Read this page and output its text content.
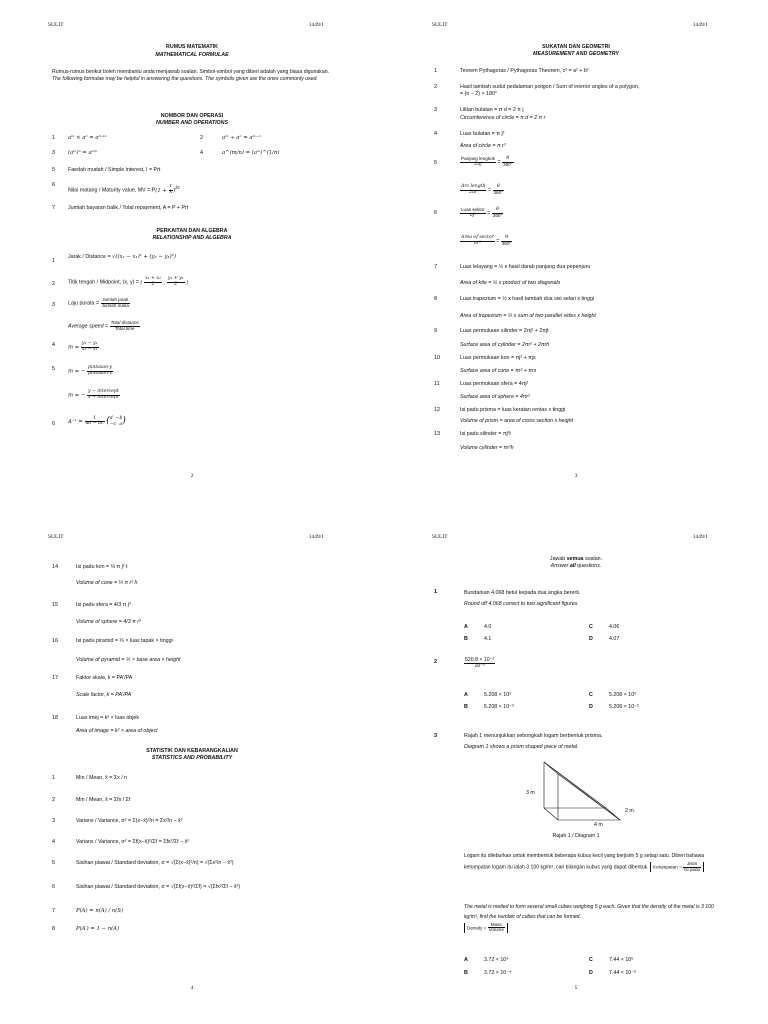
SULIT	1449/1
RUMUS MATEMATIK
MATHEMATICAL FORMULAE
Rumus-rumus berikut boleh membantu anda menjawab soalan. Simbol-simbol yang diberi adalah yang biasa digunakan.
The following formulae may be helpful in answering the questions. The symbols given are the ones commonly used.
NOMBOR DAN OPERASI
NUMBER AND OPERATIONS
1 aᵐ × aⁿ = aᵐ⁺ⁿ	2	aᵐ ÷ aⁿ = aᵐ⁻ⁿ
3 (aᵐ)ⁿ = aᵐⁿ	4	a^(m/n) = (aᵐ)^(1/n)
5 Faedah mudah / Simple interest, I = Prt
6
Nilai matang / Maturity value, MV = $P(1 + \frac{r}{k} )^{kt}$
7 Jumlah bayaran balik / Total repayment, A = P + Prt
PERKAITAN DAN ALGEBRA
RELATIONSHIP AND ALGEBRA
1
Jarak / Distance = √((x₂ − x₁)² + (y₂ − y₁)²)
2 Titik tengah / Midpoint, (x, y) = ( $\frac{\text{x₁ + x₂}}{2}$ , $\frac{\text{y₁ + y₂}}{2}$ )
3 Laju purata = $\frac{\text{Jumlah jarak}}{\text{Jumlah masa}}$
Average speed = $\frac{\text{Total distance}}{\text{Total time}}$
4 $m = \frac{\text{y₂ − y₁}}{\text{x₂ − x₁}}$
5 m = − $\frac{\text{pintasan-y}}{\text{pintasan-x}}$
m = − $\frac{\text{y − intercept}}{\text{x − intercept}}$
6 $A^{-1} = \frac{1}{ad - bc} (d -b$
−c  a)
2
SULIT	1449/1
SUKATAN DAN GEOMETRI
MEASUREMENT AND GEOMETRY
5	$\frac{\text{Panjang lengkok}}{2\pi j} = \frac{\theta}{360^\circ}$
$\frac{\text{Arc length}}{2\pi r} = \frac{\theta}{360^\circ}$
6	$\frac{\text{Luas sektor}}{\text{πj²}} = \frac{\theta}{360^\circ}$
$\frac{\text{Area of sector}}{\text{πr²}} = \frac{\theta}{360^\circ}$
3
1	Teorem Pythagoras / Pythagoras Theorem, c² = a² + b²
2	Hasil tambah sudut pedalaman poligon / Sum of interior angles of a polygon,
= (n − 2) × 180°
3	Lilitan bulatan = π d = 2 π j
Circumference of circle = π d = 2 π r
4	Luas bulatan = π j²
Area of circle = π r²
7	Luas lelayang = ½ x hasil darab panjang dua pepenjuru
Area of kite = ½ x product of two diagonals
8	Luas trapezium = ½ x hasil tambah dua sisi selari x tinggi
Area of trapezium = ½ x sum of two parallel sides x height
9	Luas permukaan silinder = 2πj² + 2πjt
Surface area of cylinder = 2πr² + 2πrh
10	Luas permukaan kon = πj² + πjs
Surface area of cone = πr² + πrs
11	Luas permukaan sfera = 4πj²
Surface area of sphere = 4πr²
12	Isi padu prisma = luas keratan rentas x tinggi
Volume of prism = area of cross section x height
13	Isi padu silinder = πj²t
Volume cylinder = πr²h
SULIT	1449/1
STATISTIK DAN KEBARANGKALIAN
STATISTICS AND PROBABILITY
4
14	Isi padu kon = ⅓ π j² t
Volume of cone = ⅓ π r² h
15	Isi padu sfera = 4/3 π j³
Volume of sphere = 4/3 π r³
16	Isi padu piramid = ⅓ × luas tapak × tinggi
Volume of pyramid = ⅓ × base area × height
17	Faktor skala, k = PA′/PA
Scale factor, k = PA′/PA
18	Luas imej = k² × luas objek
Area of image = k² × area of object
1	Min / Mean, x̄ = Σx / n
2	Min / Mean, x̄ = Σfx / Σf
3	Varians / Variance, σ² = Σ(x−x̄)²/n = Σx²/n − x̄²
4	Varians / Variance, σ² = Σf(x−x̄)²/Σf = Σfx²/Σf − x̄²
5	Sisihan piawai / Standard deviation, σ = √(Σ(x−x̄)²/n) = √(Σx²/n − x̄²)
6	Sisihan piawai / Standard deviation, σ = √(Σf(x−x̄)²/Σf) = √(Σfx²/Σf − x̄²)
7	P(A) = n(A) / n(S)
8	P(A′) = 1 − n(A)
SULIT	1449/1
Jawab semua soalan.
Answer all questions.
1	Bundarkan 4.068 betul kepada dua angka bererti.
Round off 4.068 correct to two significant figures.
2	$\frac{\text{520.8 × 10⁻²}}{\text{10⁻³}}$
3	Rajah 1 menunjukkan sebongkah logam berbentuk prisma.
Diagram 1 shows a prism shaped piece of metal.
3 m
2 m
4 m
Rajah 1 / Diagram 1
Logam itu dileburkan untuk membentuk beberapa kubus kecil yang berjisim 5 g setiap satu. Diberi bahawa ketumpatan logam itu ialah 3 100 kg/m³, cari bilangan kubus yang dapat dibentuk. Ketumpatan = $\frac{\text{Jisim}}{\text{Isi padu}}$
The metal is melted to form several small cubes weighing 5 g each. Given that the density of the metal is 3 100 kg/m³, find the number of cubes that can be formed.
Density = $\frac{\text{Mass}}{\text{Volume}}$
5
A	4.0	C	4.06
B	4.1	D	4.07
A	5.208 × 10³	C	5.208 × 10²
B	5.208 × 10⁻³	D	5.208 × 10⁻²
A	3.72 × 10⁴	C	7.44 × 10⁶
B	3.72 × 10⁻⁴	D	7.44 × 10⁻⁶
